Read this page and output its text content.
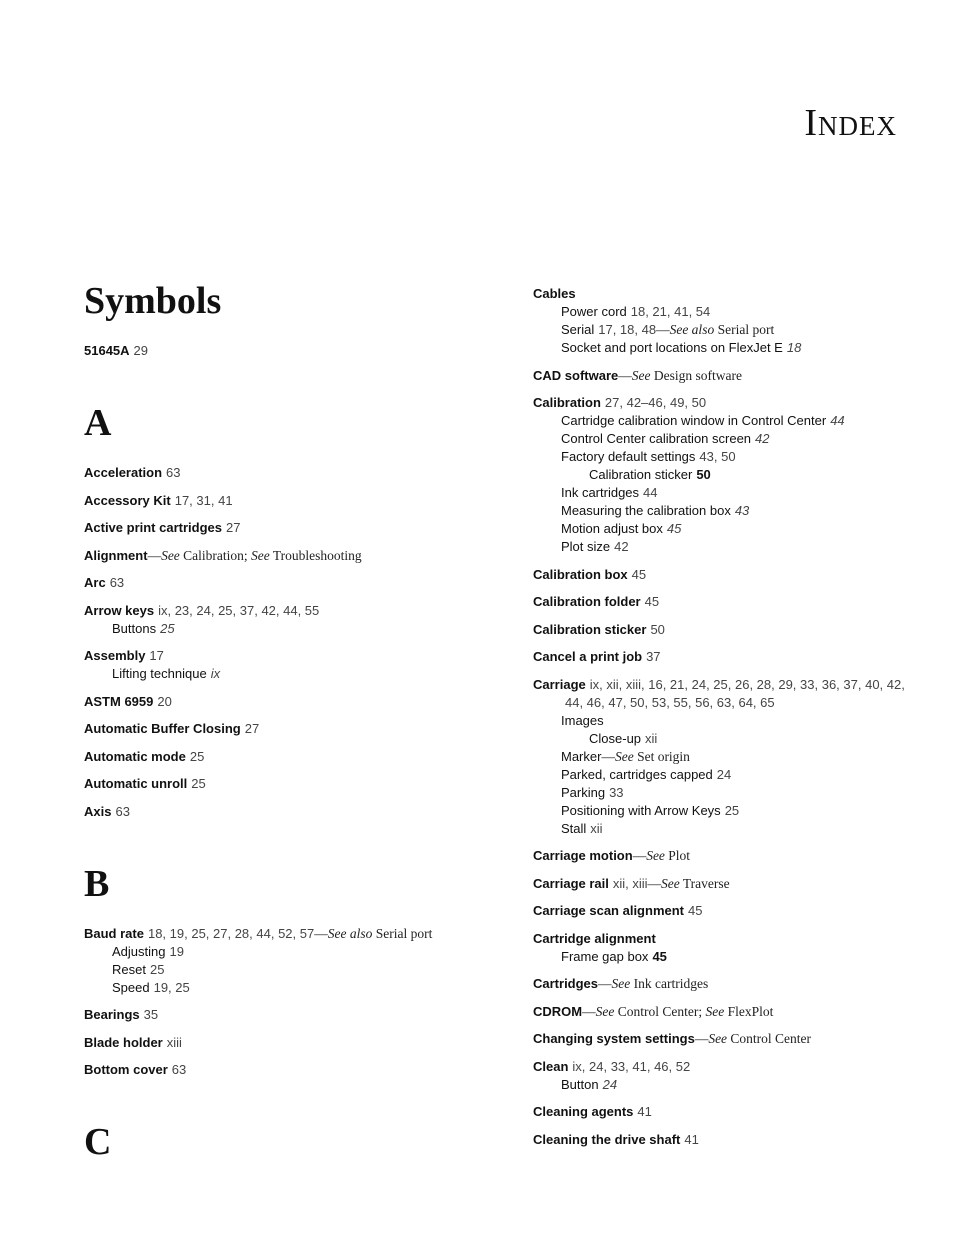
Index
Symbols
51645A 29
A
Acceleration 63
Accessory Kit 17, 31, 41
Active print cartridges 27
Alignment—See Calibration; See Troubleshooting
Arc 63
Arrow keys ix, 23, 24, 25, 37, 42, 44, 55
Buttons 25
Assembly 17
Lifting technique ix
ASTM 6959 20
Automatic Buffer Closing 27
Automatic mode 25
Automatic unroll 25
Axis 63
B
Baud rate 18, 19, 25, 27, 28, 44, 52, 57—See also Serial port
Adjusting 19
Reset 25
Speed 19, 25
Bearings 35
Blade holder xiii
Bottom cover 63
C
Cables
Power cord 18, 21, 41, 54
Serial 17, 18, 48—See also Serial port
Socket and port locations on FlexJet E 18
CAD software—See Design software
Calibration 27, 42–46, 49, 50
Cartridge calibration window in Control Center 44
Control Center calibration screen 42
Factory default settings 43, 50
Calibration sticker 50
Ink cartridges 44
Measuring the calibration box 43
Motion adjust box 45
Plot size 42
Calibration box 45
Calibration folder 45
Calibration sticker 50
Cancel a print job 37
Carriage ix, xii, xiii, 16, 21, 24, 25, 26, 28, 29, 33, 36, 37, 40, 42,
44, 46, 47, 50, 53, 55, 56, 63, 64, 65
Images
Close-up xii
Marker—See Set origin
Parked, cartridges capped 24
Parking 33
Positioning with Arrow Keys 25
Stall xii
Carriage motion—See Plot
Carriage rail xii, xiii—See Traverse
Carriage scan alignment 45
Cartridge alignment
Frame gap box 45
Cartridges—See Ink cartridges
CDROM—See Control Center; See FlexPlot
Changing system settings—See Control Center
Clean ix, 24, 33, 41, 46, 52
Button 24
Cleaning agents 41
Cleaning the drive shaft 41
